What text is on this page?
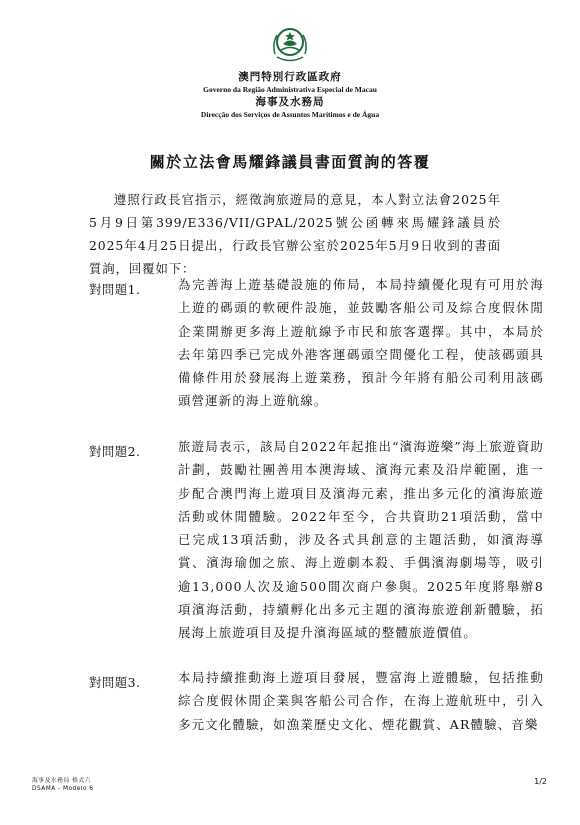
澳門特別行政區政府
Governo da Região Administrativa Especial de Macau
海事及水務局
Direcção dos Serviços de Assuntos Marítimos e de Água
關於立法會馬耀鋒議員書面質詢的答覆
遵照行政長官指示，經徵詢旅遊局的意見，本人對立法會2025年5月9日第399/E336/VII/GPAL/2025號公函轉來馬耀鋒議員於2025年4月25日提出，行政長官辦公室於2025年5月9日收到的書面質詢，回覆如下：
對問題1.	為完善海上遊基礎設施的佈局，本局持續優化現有可用於海上遊的碼頭的軟硬件設施，並鼓勵客船公司及綜合度假休閒企業開辦更多海上遊航線予市民和旅客選擇。其中，本局於去年第四季已完成外港客運碼頭空間優化工程，使該碼頭具備條件用於發展海上遊業務，預計今年將有船公司利用該碼頭營運新的海上遊航線。
對問題2.	旅遊局表示，該局自2022年起推出“濱海遊樂”海上旅遊資助計劃，鼓勵社團善用本澳海域、濱海元素及沿岸範圍，進一步配合澳門海上遊項目及濱海元素，推出多元化的濱海旅遊活動或休閒體驗。2022年至今，合共資助21項活動，當中已完成13項活動，涉及各式具創意的主題活動，如濱海導賞、濱海瑜伽之旅、海上遊劇本殺、手偶濱海劇場等，吸引逾13,000人次及逾500間次商户參與。2025年度將舉辦8項濱海活動，持續孵化出多元主題的濱海旅遊創新體驗，拓展海上旅遊項目及提升濱海區域的整體旅遊價值。
對問題3.	本局持續推動海上遊項目發展，豐富海上遊體驗，包括推動綜合度假休閒企業與客船公司合作，在海上遊航班中，引入多元文化體驗，如漁業歷史文化、煙花觀賞、AR體驗、音樂
海事及水務局 格式六
DSAMA - Modelo 6
1/2
